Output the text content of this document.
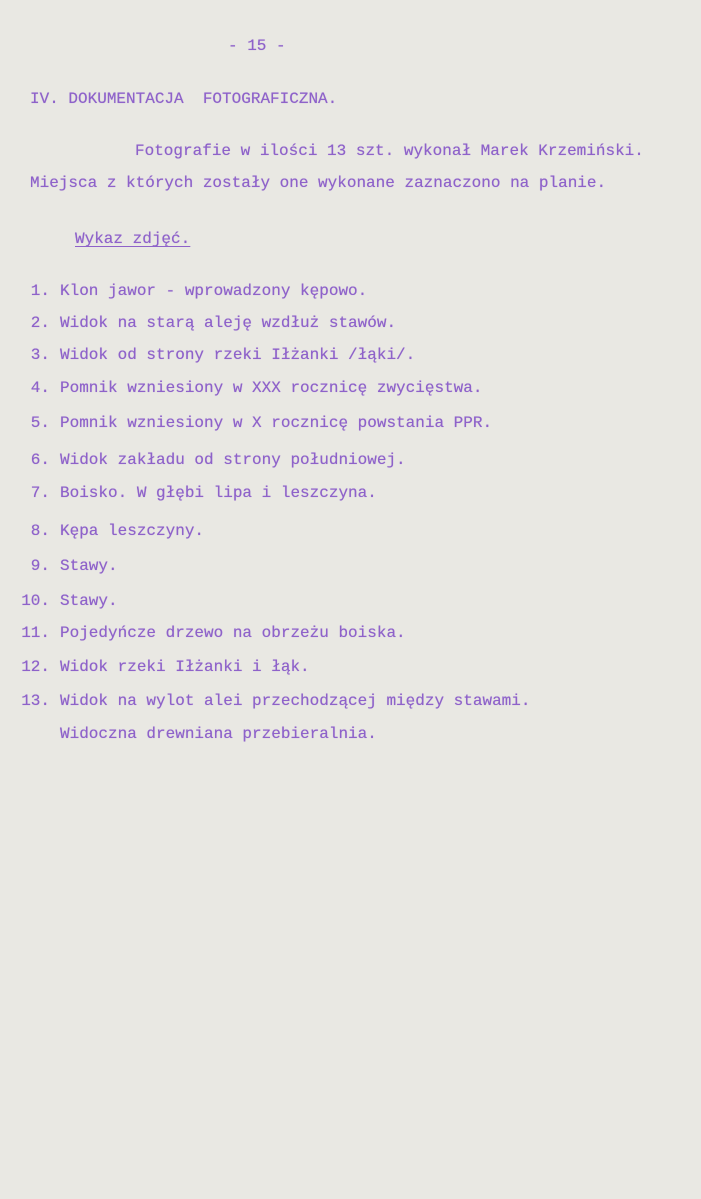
- 15 -
IV. DOKUMENTACJA  FOTOGRAFICZNA.
Fotografie w ilości 13 szt. wykonał Marek Krzemiński.
Miejsca z których zostały one wykonane zaznaczono na planie.
Wykaz zdjęć.
1. Klon jawor - wprowadzony kępowo.
2. Widok na starą aleję wzdłuż stawów.
3. Widok od strony rzeki Iłżanki /łąki/.
4. Pomnik wzniesiony w XXX rocznicę zwycięstwa.
5. Pomnik wzniesiony w X rocznicę powstania PPR.
6. Widok zakładu od strony południowej.
7. Boisko. W głębi lipa i leszczyna.
8. Kępa leszczyny.
9. Stawy.
10. Stawy.
11. Pojedyńcze drzewo na obrzeżu boiska.
12. Widok rzeki Iłżanki i łąk.
13. Widok na wylot alei przechodzącej między stawami.
Widoczna drewniana przebieralnia.
